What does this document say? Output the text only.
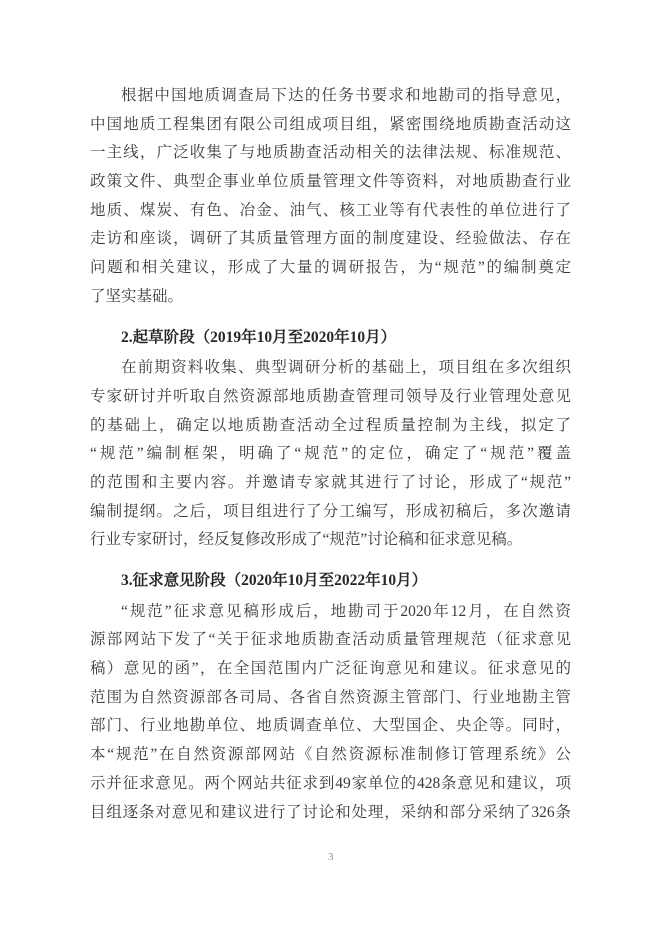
根据中国地质调查局下达的任务书要求和地勘司的指导意见，
中国地质工程集团有限公司组成项目组，紧密围绕地质勘查活动这
一主线，广泛收集了与地质勘查活动相关的法律法规、标准规范、
政策文件、典型企事业单位质量管理文件等资料，对地质勘查行业
地质、煤炭、有色、冶金、油气、核工业等有代表性的单位进行了
走访和座谈，调研了其质量管理方面的制度建设、经验做法、存在
问题和相关建议，形成了大量的调研报告，为“规范”的编制奠定
了坚实基础。
2.起草阶段（2019年10月至2020年10月）
在前期资料收集、典型调研分析的基础上，项目组在多次组织
专家研讨并听取自然资源部地质勘查管理司领导及行业管理处意见
的基础上，确定以地质勘查活动全过程质量控制为主线，拟定了
“规范”编制框架，明确了“规范”的定位，确定了“规范”覆盖
的范围和主要内容。并邀请专家就其进行了讨论，形成了“规范”
编制提纲。之后，项目组进行了分工编写，形成初稿后，多次邀请
行业专家研讨，经反复修改形成了“规范”讨论稿和征求意见稿。
3.征求意见阶段（2020年10月至2022年10月）
“规范”征求意见稿形成后，地勘司于2020年12月，在自然资
源部网站下发了“关于征求地质勘查活动质量管理规范（征求意见
稿）意见的函”，在全国范围内广泛征询意见和建议。征求意见的
范围为自然资源部各司局、各省自然资源主管部门、行业地勘主管
部门、行业地勘单位、地质调查单位、大型国企、央企等。同时，
本“规范”在自然资源部网站《自然资源标准制修订管理系统》公
示并征求意见。两个网站共征求到49家单位的428条意见和建议，项
目组逐条对意见和建议进行了讨论和处理，采纳和部分采纳了326条
3
